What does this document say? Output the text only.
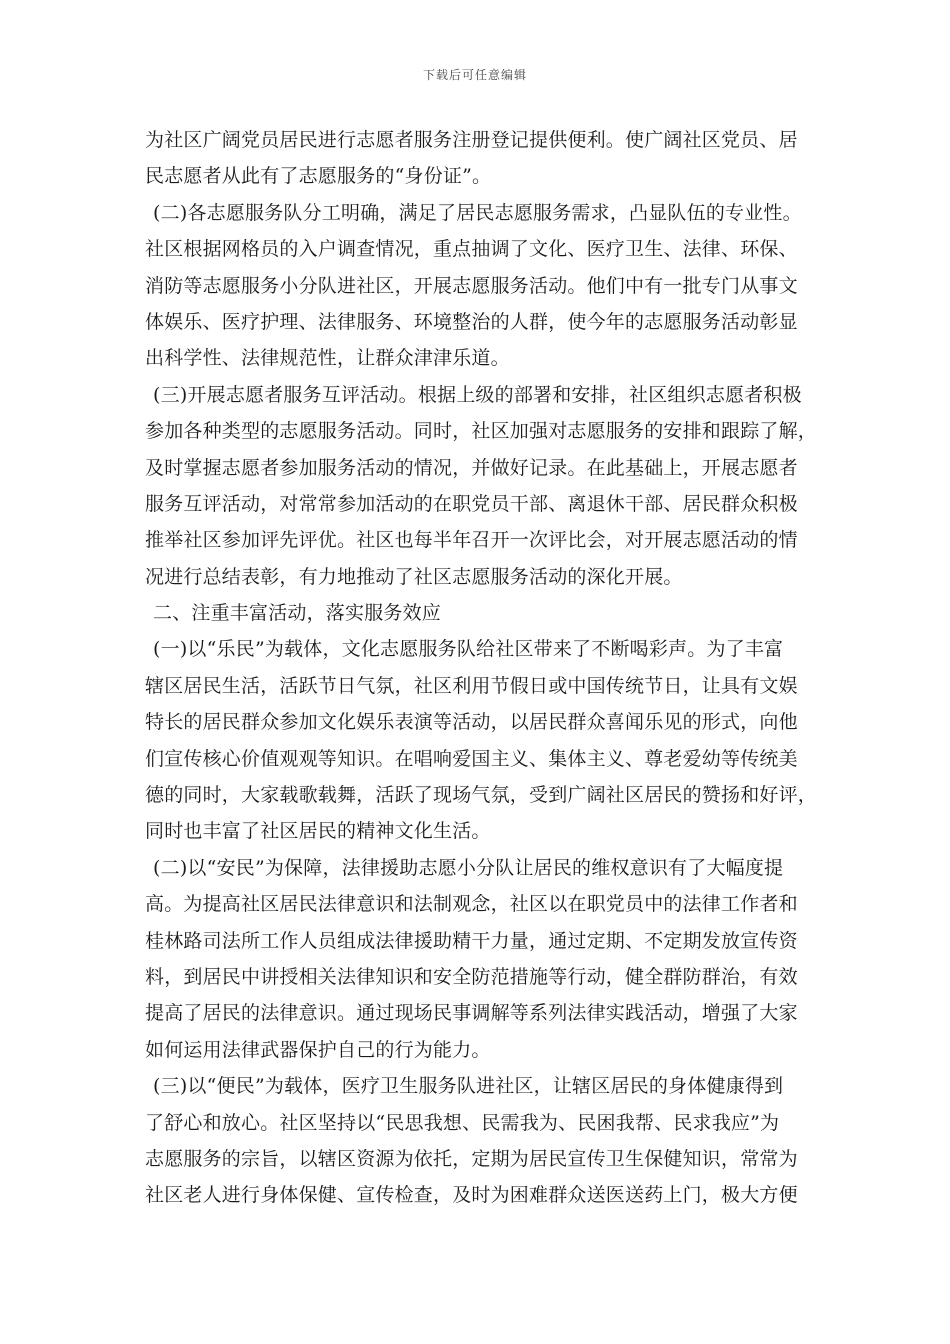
下载后可任意编辑
为社区广阔党员居民进行志愿者服务注册登记提供便利。使广阔社区党员、居
民志愿者从此有了志愿服务的“身份证”。
(二)各志愿服务队分工明确，满足了居民志愿服务需求，凸显队伍的专业性。
社区根据网格员的入户调查情况，重点抽调了文化、医疗卫生、法律、环保、
消防等志愿服务小分队进社区，开展志愿服务活动。他们中有一批专门从事文
体娱乐、医疗护理、法律服务、环境整治的人群，使今年的志愿服务活动彰显
出科学性、法律规范性，让群众津津乐道。
(三)开展志愿者服务互评活动。根据上级的部署和安排，社区组织志愿者积极
参加各种类型的志愿服务活动。同时，社区加强对志愿服务的安排和跟踪了解，
及时掌握志愿者参加服务活动的情况，并做好记录。在此基础上，开展志愿者
服务互评活动，对常常参加活动的在职党员干部、离退休干部、居民群众积极
推举社区参加评先评优。社区也每半年召开一次评比会，对开展志愿活动的情
况进行总结表彰，有力地推动了社区志愿服务活动的深化开展。
二、注重丰富活动，落实服务效应
(一)以“乐民”为载体，文化志愿服务队给社区带来了不断喝彩声。为了丰富
辖区居民生活，活跃节日气氛，社区利用节假日或中国传统节日，让具有文娱
特长的居民群众参加文化娱乐表演等活动，以居民群众喜闻乐见的形式，向他
们宣传核心价值观观等知识。在唱响爱国主义、集体主义、尊老爱幼等传统美
德的同时，大家载歌载舞，活跃了现场气氛，受到广阔社区居民的赞扬和好评，
同时也丰富了社区居民的精神文化生活。
(二)以“安民”为保障，法律援助志愿小分队让居民的维权意识有了大幅度提
高。为提高社区居民法律意识和法制观念，社区以在职党员中的法律工作者和
桂林路司法所工作人员组成法律援助精干力量，通过定期、不定期发放宣传资
料，到居民中讲授相关法律知识和安全防范措施等行动，健全群防群治，有效
提高了居民的法律意识。通过现场民事调解等系列法律实践活动，增强了大家
如何运用法律武器保护自己的行为能力。
(三)以“便民”为载体，医疗卫生服务队进社区，让辖区居民的身体健康得到
了舒心和放心。社区坚持以“民思我想、民需我为、民困我帮、民求我应”为
志愿服务的宗旨，以辖区资源为依托，定期为居民宣传卫生保健知识，常常为
社区老人进行身体保健、宣传检查，及时为困难群众送医送药上门，极大方便
